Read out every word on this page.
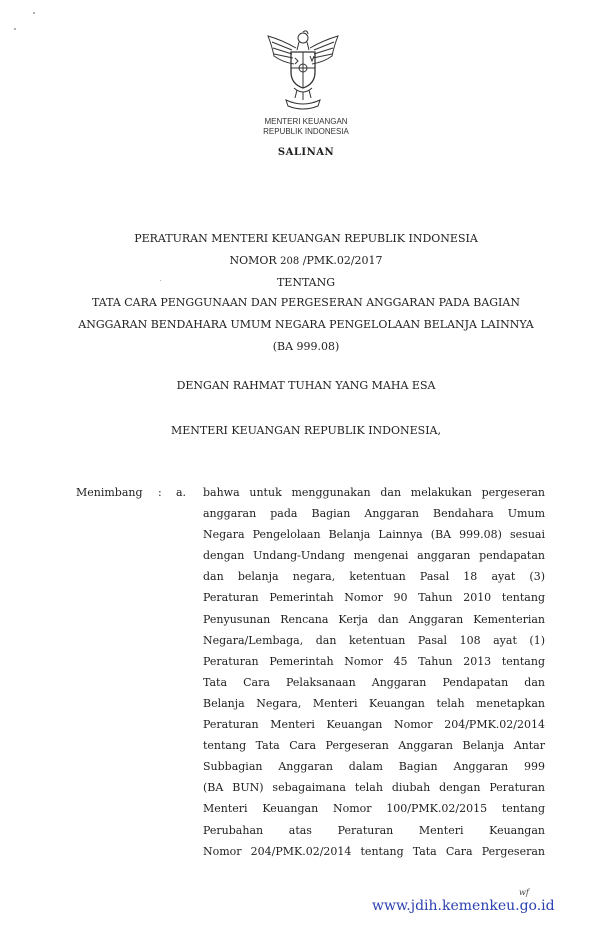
MENTERI KEUANGAN
REPUBLIK INDONESIA
SALINAN
PERATURAN MENTERI KEUANGAN REPUBLIK INDONESIA
NOMOR 208 /PMK.02/2017
TENTANG
TATA CARA PENGGUNAAN DAN PERGESERAN ANGGARAN PADA BAGIAN
ANGGARAN BENDAHARA UMUM NEGARA PENGELOLAAN BELANJA LAINNYA
(BA 999.08)
DENGAN RAHMAT TUHAN YANG MAHA ESA
MENTERI KEUANGAN REPUBLIK INDONESIA,
Menimbang : a. bahwa untuk menggunakan dan melakukan pergeseran
anggaran pada Bagian Anggaran Bendahara Umum
Negara Pengelolaan Belanja Lainnya (BA 999.08) sesuai
dengan Undang-Undang mengenai anggaran pendapatan
dan belanja negara, ketentuan Pasal 18 ayat (3)
Peraturan Pemerintah Nomor 90 Tahun 2010 tentang
Penyusunan Rencana Kerja dan Anggaran Kementerian
Negara/Lembaga, dan ketentuan Pasal 108 ayat (1)
Peraturan Pemerintah Nomor 45 Tahun 2013 tentang
Tata Cara Pelaksanaan Anggaran Pendapatan dan
Belanja Negara, Menteri Keuangan telah menetapkan
Peraturan Menteri Keuangan Nomor 204/PMK.02/2014
tentang Tata Cara Pergeseran Anggaran Belanja Antar
Subbagian Anggaran dalam Bagian Anggaran 999
(BA BUN) sebagaimana telah diubah dengan Peraturan
Menteri Keuangan Nomor 100/PMK.02/2015 tentang
Perubahan atas Peraturan Menteri Keuangan
Nomor 204/PMK.02/2014 tentang Tata Cara Pergeseran
wf
www.jdih.kemenkeu.go.id
